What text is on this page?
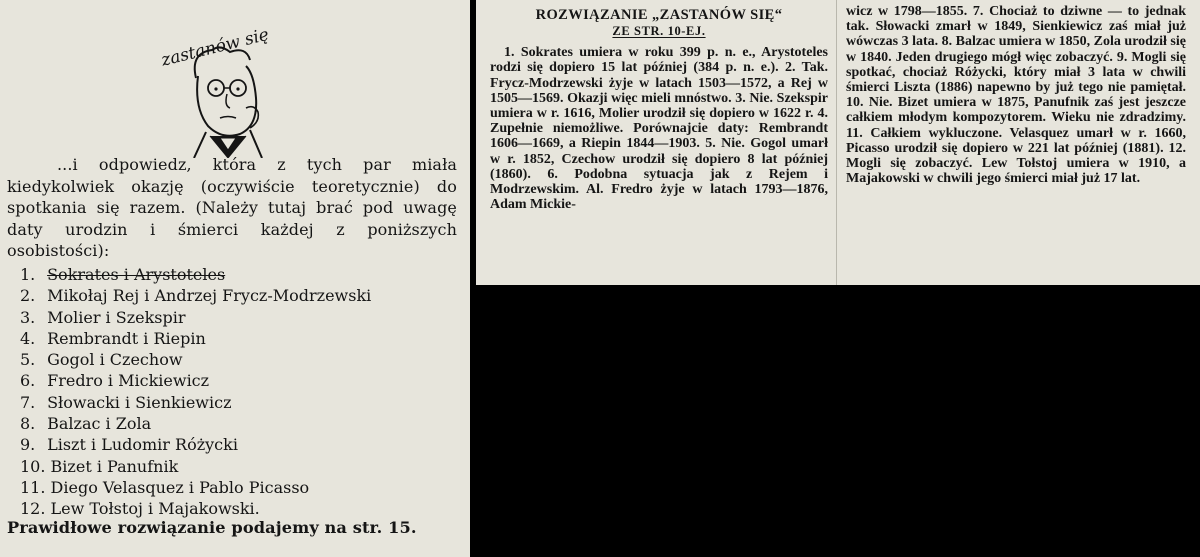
zastanów się

...i odpowiedz, która z tych par miała kiedykolwiek okazję (oczywiście teoretycznie) do spotkania się razem. (Należy tutaj brać pod uwagę daty urodzin i śmierci każdej z poniższych osobistości):

1. Sokrates i Arystoteles
2. Mikołaj Rej i Andrzej Frycz-Modrzewski
3. Molier i Szekspir
4. Rembrandt i Riepin
5. Gogol i Czechow
6. Fredro i Mickiewicz
7. Słowacki i Sienkiewicz
8. Balzac i Zola
9. Liszt i Ludomir Różycki
10. Bizet i Panufnik
11. Diego Velasquez i Pablo Picasso
12. Lew Tołstoj i Majakowski.

Prawidłowe rozwiązanie podajemy na str. 15.

ROZWIĄZANIE „ZASTANÓW SIĘ“
ZE STR. 10-EJ.

1. Sokrates umiera w roku 399 p. n. e., Arystoteles rodzi się dopiero 15 lat później (384 p. n. e.). 2. Tak. Frycz-Modrzewski żyje w latach 1503—1572, a Rej w 1505—1569. Okazji więc mieli mnóstwo. 3. Nie. Szekspir umiera w r. 1616, Molier urodził się dopiero w 1622 r. 4. Zupełnie niemożliwe. Porównajcie daty: Rembrandt 1606—1669, a Riepin 1844—1903. 5. Nie. Gogol umarł w r. 1852, Czechow urodził się dopiero 8 lat później (1860). 6. Podobna sytuacja jak z Rejem i Modrzewskim. Al. Fredro żyje w latach 1793—1876, Adam Mickie-

wicz w 1798—1855. 7. Chociaż to dziwne — to jednak tak. Słowacki zmarł w 1849, Sienkiewicz zaś miał już wówczas 3 lata. 8. Balzac umiera w 1850, Zola urodził się w 1840. Jeden drugiego mógł więc zobaczyć. 9. Mogli się spotkać, chociaż Różycki, który miał 3 lata w chwili śmierci Liszta (1886) napewno by już tego nie pamiętał. 10. Nie. Bizet umiera w 1875, Panufnik zaś jest jeszcze całkiem młodym kompozytorem. Wieku nie zdradzimy. 11. Całkiem wykluczone. Velasquez umarł w r. 1660, Picasso urodził się dopiero w 221 lat później (1881). 12. Mogli się zobaczyć. Lew Tołstoj umiera w 1910, a Majakowski w chwili jego śmierci miał już 17 lat.
